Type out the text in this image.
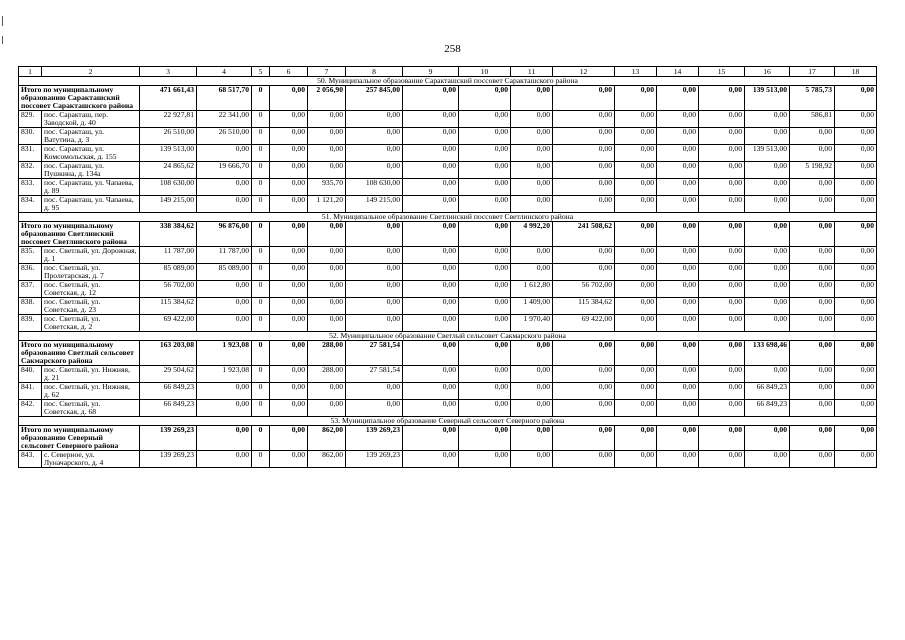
258
1	2	3	4	5	6	7	8	9	10	11	12	13	14	15	16	17	18
50. Муниципальное образование Саракташский поссовет Саракташского района																	
Итого по муниципальному образованию Саракташский поссовет Саракташского района		471 661,43	68 517,70	0	0,00	2 056,90	257 845,00	0,00	0,00	0,00	0,00	0,00	0,00	0,00	139 513,00	5 785,73	0,00
829.	пос. Саракташ, пер. Заводской, д. 40	22 927,81	22 341,00	0	0,00	0,00	0,00	0,00	0,00	0,00	0,00	0,00	0,00	0,00	0,00	586,81	0,00
830.	пос. Саракташ, ул. Ватутина, д. 3	26 510,00	26 510,00	0	0,00	0,00	0,00	0,00	0,00	0,00	0,00	0,00	0,00	0,00	0,00	0,00	0,00
831.	пос. Саракташ, ул. Комсомольская, д. 155	139 513,00	0,00	0	0,00	0,00	0,00	0,00	0,00	0,00	0,00	0,00	0,00	0,00	139 513,00	0,00	0,00
832.	пос. Саракташ, ул. Пушкина, д. 134а	24 865,62	19 666,70	0	0,00	0,00	0,00	0,00	0,00	0,00	0,00	0,00	0,00	0,00	0,00	5 198,92	0,00
833.	пос. Саракташ, ул. Чапаева, д. 89	108 630,00	0,00	0	0,00	935,70	108 630,00	0,00	0,00	0,00	0,00	0,00	0,00	0,00	0,00	0,00	0,00
834.	пос. Саракташ, ул. Чапаева, д. 95	149 215,00	0,00	0	0,00	1 121,20	149 215,00	0,00	0,00	0,00	0,00	0,00	0,00	0,00	0,00	0,00	0,00
51. Муниципальное образование Светлинский поссовет Светлинского района																	
Итого по муниципальному образованию Светлинский поссовет Светлинского района		338 384,62	96 876,00	0	0,00	0,00	0,00	0,00	0,00	4 992,20	241 508,62	0,00	0,00	0,00	0,00	0,00	0,00
835.	пос. Светлый, ул. Дорожная, д. 1	11 787,00	11 787,00	0	0,00	0,00	0,00	0,00	0,00	0,00	0,00	0,00	0,00	0,00	0,00	0,00	0,00
836.	пос. Светлый, ул. Пролетарская, д. 7	85 089,00	85 089,00	0	0,00	0,00	0,00	0,00	0,00	0,00	0,00	0,00	0,00	0,00	0,00	0,00	0,00
837.	пос. Светлый, ул. Советская, д. 12	56 702,00	0,00	0	0,00	0,00	0,00	0,00	0,00	1 612,80	56 702,00	0,00	0,00	0,00	0,00	0,00	0,00
838.	пос. Светлый, ул. Советская, д. 23	115 384,62	0,00	0	0,00	0,00	0,00	0,00	0,00	1 409,00	115 384,62	0,00	0,00	0,00	0,00	0,00	0,00
839.	пос. Светлый, ул. Советская, д. 2	69 422,00	0,00	0	0,00	0,00	0,00	0,00	0,00	1 970,40	69 422,00	0,00	0,00	0,00	0,00	0,00	0,00
52. Муниципальное образование Светлый сельсовет Сакмарского района																	
Итого по муниципальному образованию Светлый сельсовет Сакмарского района		163 203,08	1 923,08	0	0,00	288,00	27 581,54	0,00	0,00	0,00	0,00	0,00	0,00	0,00	133 698,46	0,00	0,00
840.	пос. Светлый, ул. Нижняя, д. 21	29 504,62	1 923,08	0	0,00	288,00	27 581,54	0,00	0,00	0,00	0,00	0,00	0,00	0,00	0,00	0,00	0,00
841.	пос. Светлый, ул. Нижняя, д. 62	66 849,23	0,00	0	0,00	0,00	0,00	0,00	0,00	0,00	0,00	0,00	0,00	0,00	66 849,23	0,00	0,00
842.	пос. Светлый, ул. Советская, д. 68	66 849,23	0,00	0	0,00	0,00	0,00	0,00	0,00	0,00	0,00	0,00	0,00	0,00	66 849,23	0,00	0,00
53. Муниципальное образование Северный сельсовет Северного района																	
Итого по муниципальному образованию Северный сельсовет Северного района		139 269,23	0,00	0	0,00	862,00	139 269,23	0,00	0,00	0,00	0,00	0,00	0,00	0,00	0,00	0,00	0,00
843.	с. Северное, ул. Луначарского, д. 4	139 269,23	0,00	0	0,00	862,00	139 269,23	0,00	0,00	0,00	0,00	0,00	0,00	0,00	0,00	0,00	0,00
